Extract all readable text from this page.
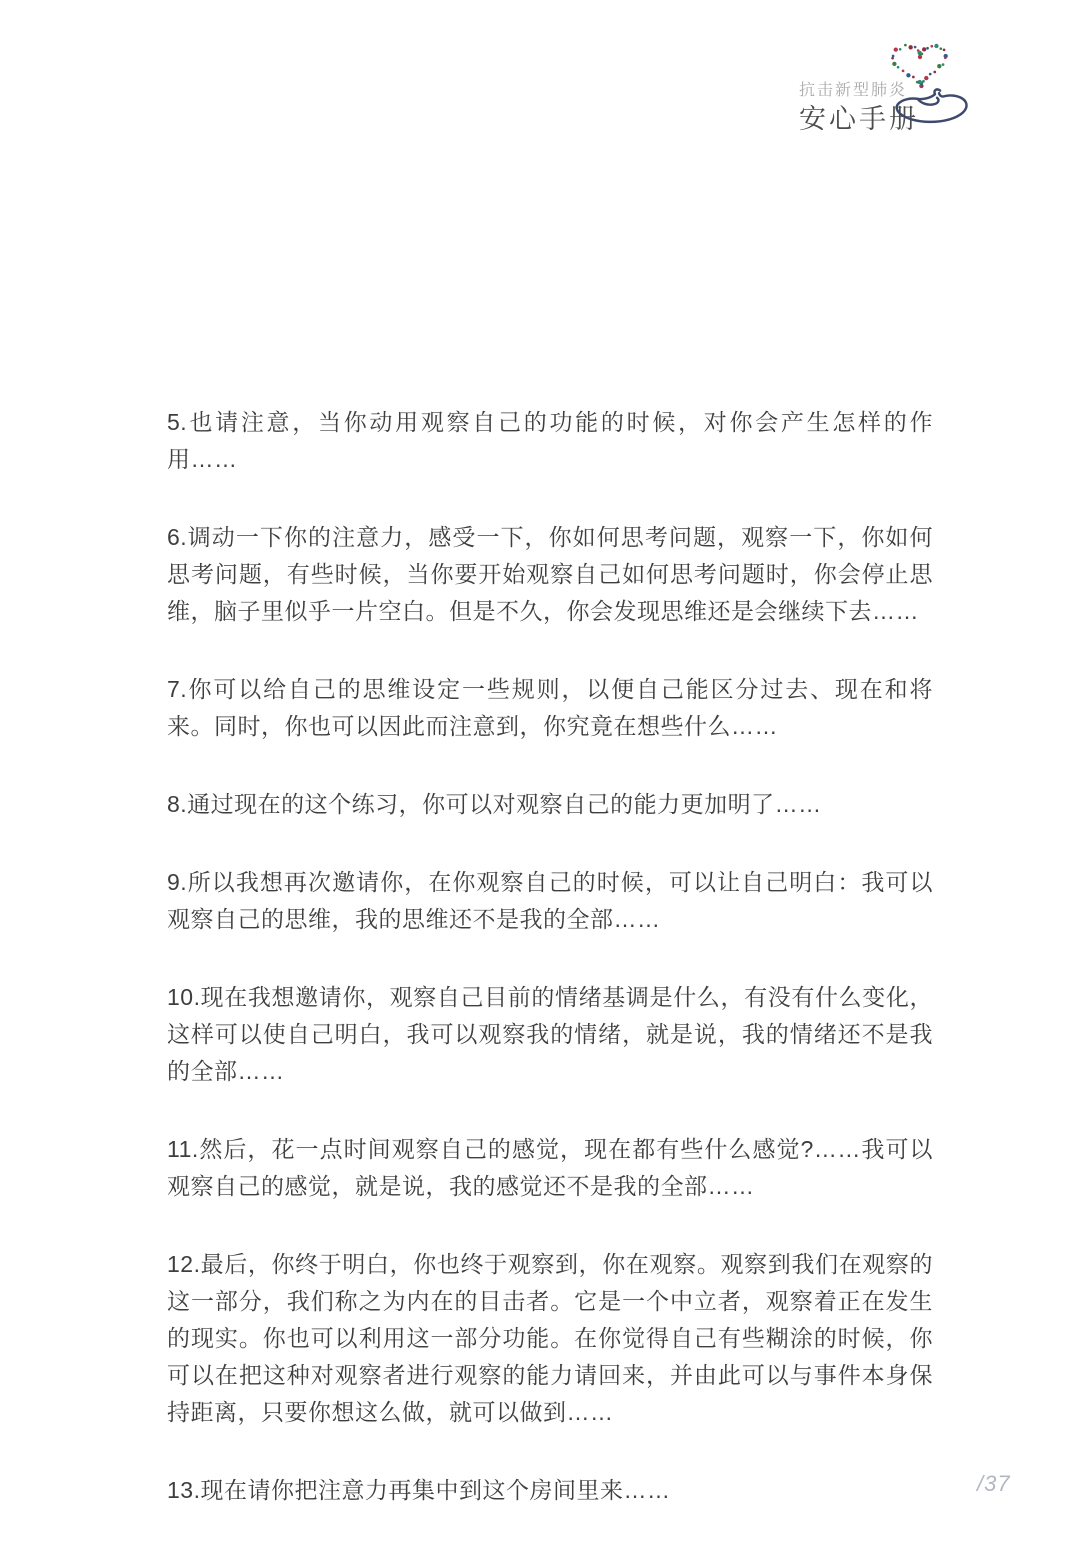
抗击新型肺炎
安心手册

5.也请注意，当你动用观察自己的功能的时候，对你会产生怎样的作用……

6.调动一下你的注意力，感受一下，你如何思考问题，观察一下，你如何思考问题，有些时候，当你要开始观察自己如何思考问题时，你会停止思维，脑子里似乎一片空白。但是不久，你会发现思维还是会继续下去……

7.你可以给自己的思维设定一些规则，以便自己能区分过去、现在和将来。同时，你也可以因此而注意到，你究竟在想些什么……

8.通过现在的这个练习，你可以对观察自己的能力更加明了……

9.所以我想再次邀请你，在你观察自己的时候，可以让自己明白：我可以观察自己的思维，我的思维还不是我的全部……

10.现在我想邀请你，观察自己目前的情绪基调是什么，有没有什么变化，这样可以使自己明白，我可以观察我的情绪，就是说，我的情绪还不是我的全部……

11.然后，花一点时间观察自己的感觉，现在都有些什么感觉?……我可以观察自己的感觉，就是说，我的感觉还不是我的全部……

12.最后，你终于明白，你也终于观察到，你在观察。观察到我们在观察的这一部分，我们称之为内在的目击者。它是一个中立者，观察着正在发生的现实。你也可以利用这一部分功能。在你觉得自己有些糊涂的时候，你可以在把这种对观察者进行观察的能力请回来，并由此可以与事件本身保持距离，只要你想这么做，就可以做到……

13.现在请你把注意力再集中到这个房间里来……	/37
